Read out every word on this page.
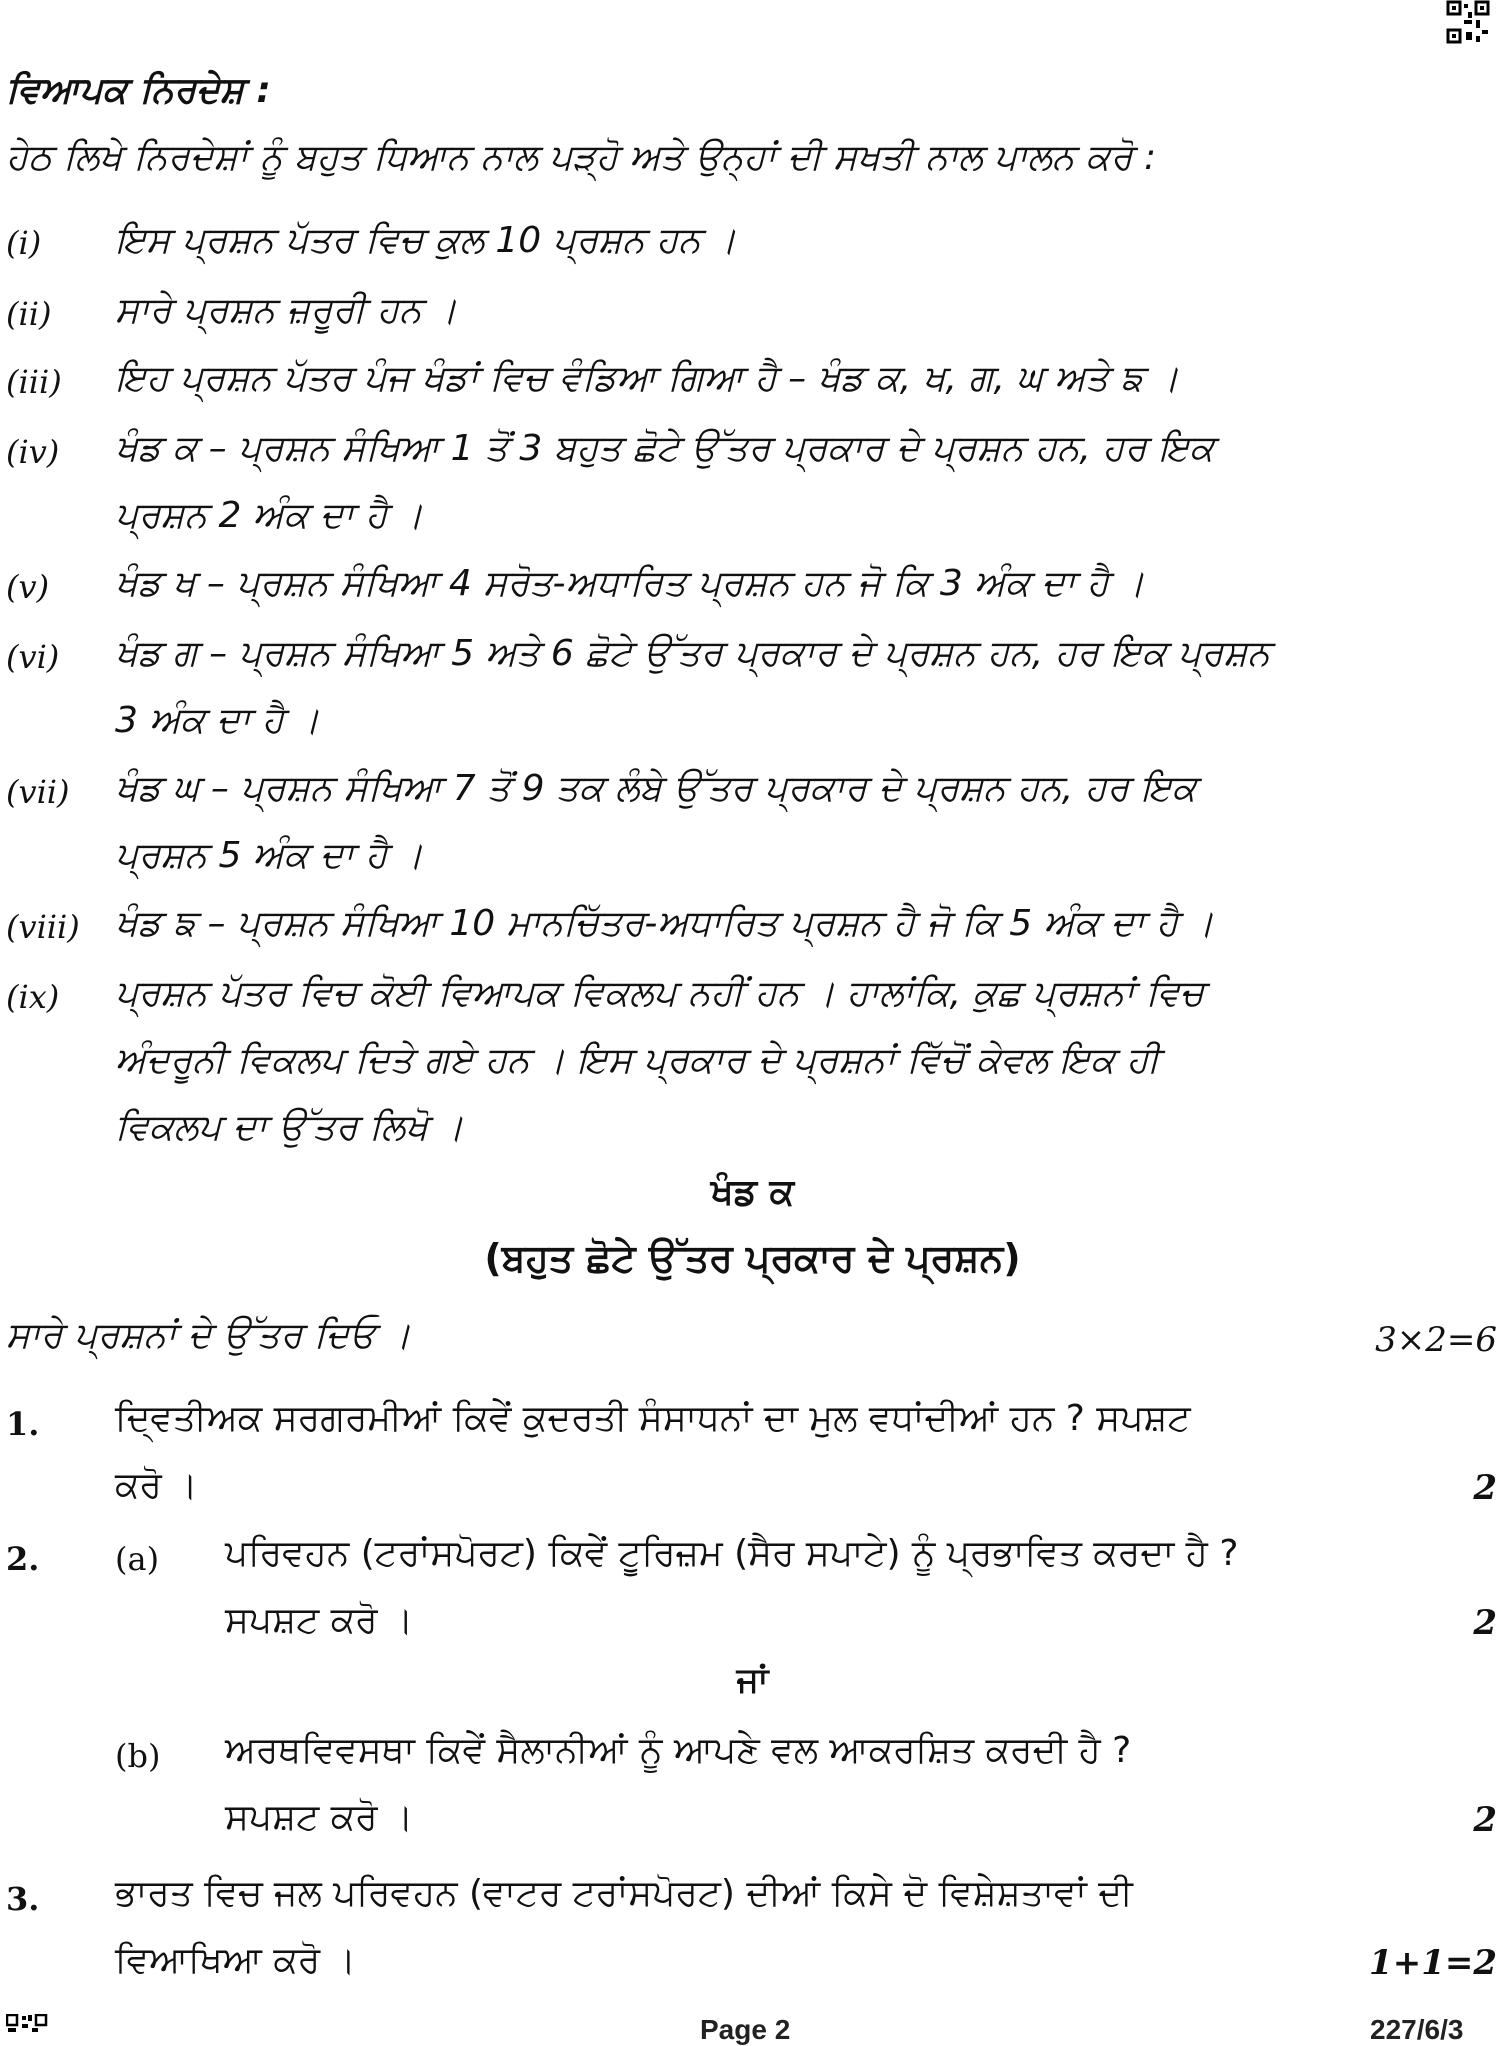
ਵਿਆਪਕ ਨਿਰਦੇਸ਼ :
ਹੇਠ ਲਿਖੇ ਨਿਰਦੇਸ਼ਾਂ ਨੂੰ ਬਹੁਤ ਧਿਆਨ ਨਾਲ ਪੜ੍ਹੋ ਅਤੇ ਉਨ੍ਹਾਂ ਦੀ ਸਖਤੀ ਨਾਲ ਪਾਲਨ ਕਰੋ :
(i) ਇਸ ਪ੍ਰਸ਼ਨ ਪੱਤਰ ਵਿਚ ਕੁਲ 10 ਪ੍ਰਸ਼ਨ ਹਨ ।
(ii) ਸਾਰੇ ਪ੍ਰਸ਼ਨ ਜ਼ਰੂਰੀ ਹਨ ।
(iii) ਇਹ ਪ੍ਰਸ਼ਨ ਪੱਤਰ ਪੰਜ ਖੰਡਾਂ ਵਿਚ ਵੰਡਿਆ ਗਿਆ ਹੈ – ਖੰਡ ਕ, ਖ, ਗ, ਘ ਅਤੇ ਙ ।
(iv) ਖੰਡ ਕ – ਪ੍ਰਸ਼ਨ ਸੰਖਿਆ 1 ਤੋਂ 3 ਬਹੁਤ ਛੋਟੇ ਉੱਤਰ ਪ੍ਰਕਾਰ ਦੇ ਪ੍ਰਸ਼ਨ ਹਨ, ਹਰ ਇਕ
ਪ੍ਰਸ਼ਨ 2 ਅੰਕ ਦਾ ਹੈ ।
(v) ਖੰਡ ਖ – ਪ੍ਰਸ਼ਨ ਸੰਖਿਆ 4 ਸਰੋਤ-ਅਧਾਰਿਤ ਪ੍ਰਸ਼ਨ ਹਨ ਜੋ ਕਿ 3 ਅੰਕ ਦਾ ਹੈ ।
(vi) ਖੰਡ ਗ – ਪ੍ਰਸ਼ਨ ਸੰਖਿਆ 5 ਅਤੇ 6 ਛੋਟੇ ਉੱਤਰ ਪ੍ਰਕਾਰ ਦੇ ਪ੍ਰਸ਼ਨ ਹਨ, ਹਰ ਇਕ ਪ੍ਰਸ਼ਨ
3 ਅੰਕ ਦਾ ਹੈ ।
(vii) ਖੰਡ ਘ – ਪ੍ਰਸ਼ਨ ਸੰਖਿਆ 7 ਤੋਂ 9 ਤਕ ਲੰਬੇ ਉੱਤਰ ਪ੍ਰਕਾਰ ਦੇ ਪ੍ਰਸ਼ਨ ਹਨ, ਹਰ ਇਕ
ਪ੍ਰਸ਼ਨ 5 ਅੰਕ ਦਾ ਹੈ ।
(viii) ਖੰਡ ਙ – ਪ੍ਰਸ਼ਨ ਸੰਖਿਆ 10 ਮਾਨਚਿੱਤਰ-ਅਧਾਰਿਤ ਪ੍ਰਸ਼ਨ ਹੈ ਜੋ ਕਿ 5 ਅੰਕ ਦਾ ਹੈ ।
(ix) ਪ੍ਰਸ਼ਨ ਪੱਤਰ ਵਿਚ ਕੋਈ ਵਿਆਪਕ ਵਿਕਲਪ ਨਹੀਂ ਹਨ । ਹਾਲਾਂਕਿ, ਕੁਛ ਪ੍ਰਸ਼ਨਾਂ ਵਿਚ
ਅੰਦਰੂਨੀ ਵਿਕਲਪ ਦਿਤੇ ਗਏ ਹਨ । ਇਸ ਪ੍ਰਕਾਰ ਦੇ ਪ੍ਰਸ਼ਨਾਂ ਵਿੱਚੋਂ ਕੇਵਲ ਇਕ ਹੀ
ਵਿਕਲਪ ਦਾ ਉੱਤਰ ਲਿਖੋ ।
ਖੰਡ ਕ
(ਬਹੁਤ ਛੋਟੇ ਉੱਤਰ ਪ੍ਰਕਾਰ ਦੇ ਪ੍ਰਸ਼ਨ)
ਸਾਰੇ ਪ੍ਰਸ਼ਨਾਂ ਦੇ ਉੱਤਰ ਦਿਓ ।	3×2=6
1. ਦ੍ਵਿਤੀਅਕ ਸਰਗਰਮੀਆਂ ਕਿਵੇਂ ਕੁਦਰਤੀ ਸੰਸਾਧਨਾਂ ਦਾ ਮੁਲ ਵਧਾਂਦੀਆਂ ਹਨ ? ਸਪਸ਼ਟ
ਕਰੋ ।	2
2. (a) ਪਰਿਵਹਨ (ਟਰਾਂਸਪੋਰਟ) ਕਿਵੇਂ ਟੂਰਿਜ਼ਮ (ਸੈਰ ਸਪਾਟੇ) ਨੂੰ ਪ੍ਰਭਾਵਿਤ ਕਰਦਾ ਹੈ ?
ਸਪਸ਼ਟ ਕਰੋ ।	2
ਜਾਂ
(b) ਅਰਥਵਿਵਸਥਾ ਕਿਵੇਂ ਸੈਲਾਨੀਆਂ ਨੂੰ ਆਪਣੇ ਵਲ ਆਕਰਸ਼ਿਤ ਕਰਦੀ ਹੈ ?
ਸਪਸ਼ਟ ਕਰੋ ।	2
3. ਭਾਰਤ ਵਿਚ ਜਲ ਪਰਿਵਹਨ (ਵਾਟਰ ਟਰਾਂਸਪੋਰਟ) ਦੀਆਂ ਕਿਸੇ ਦੋ ਵਿਸ਼ੇਸ਼ਤਾਵਾਂ ਦੀ
ਵਿਆਖਿਆ ਕਰੋ ।	1+1=2
Page 2	227/6/3
